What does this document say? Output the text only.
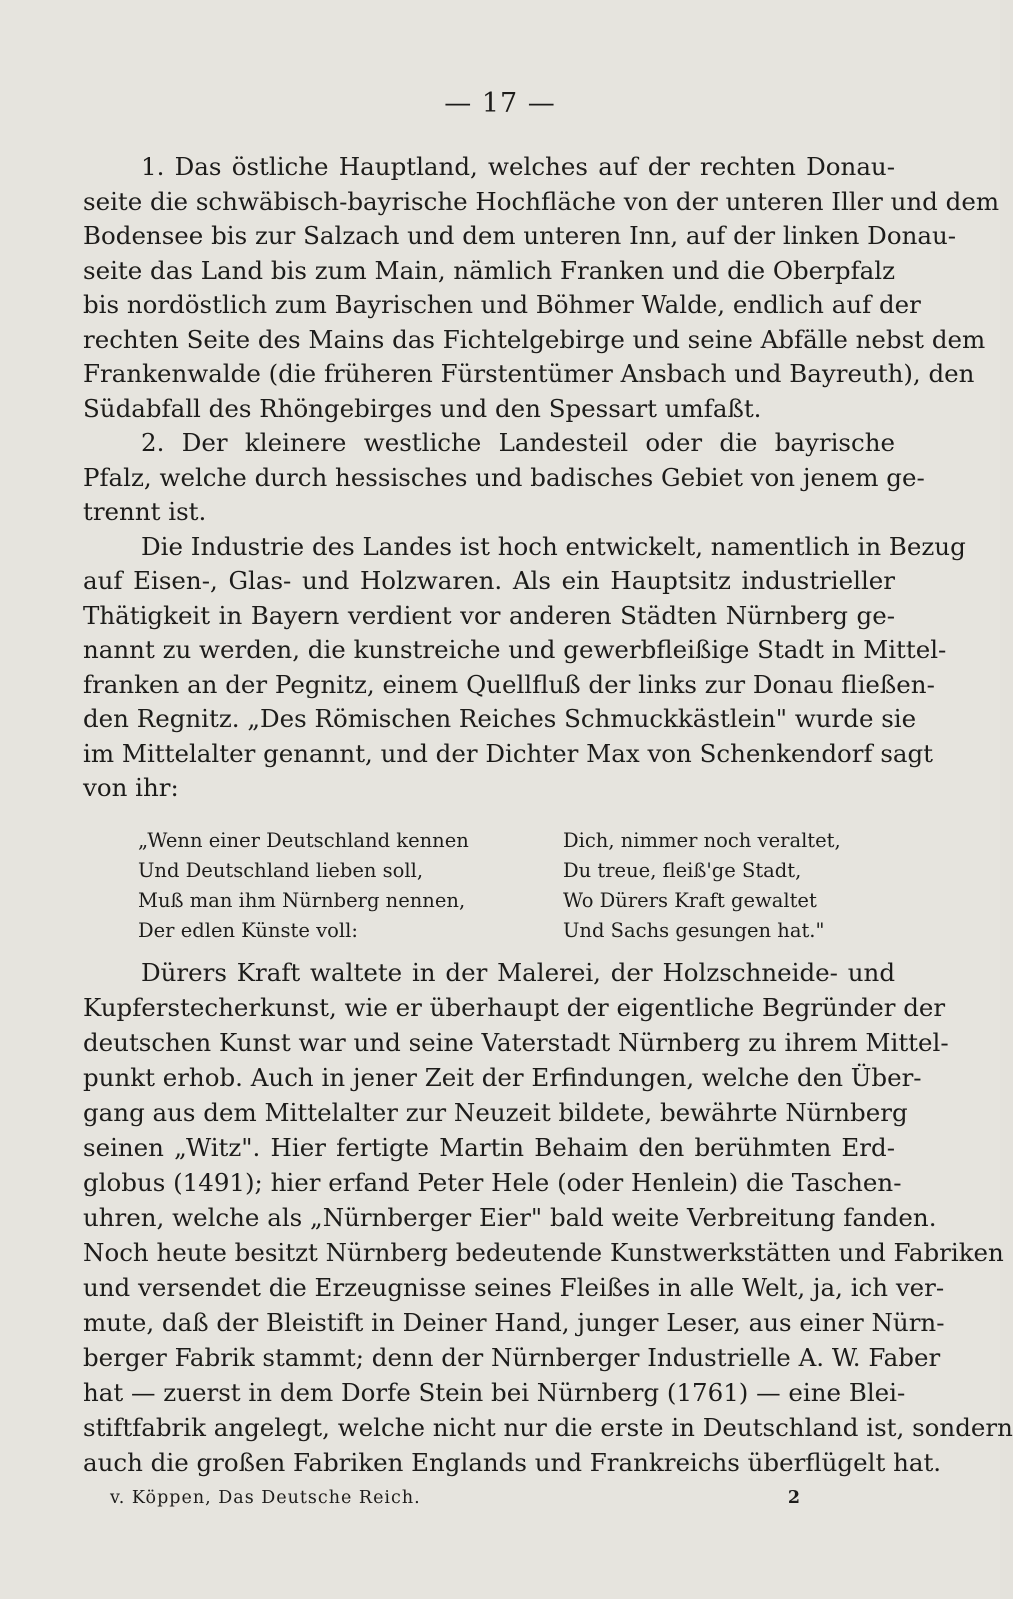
— 17 —
1. Das östliche Hauptland, welches auf der rechten Donau-
seite die schwäbisch-bayrische Hochfläche von der unteren Iller und dem
Bodensee bis zur Salzach und dem unteren Inn, auf der linken Donau-
seite das Land bis zum Main, nämlich Franken und die Oberpfalz
bis nordöstlich zum Bayrischen und Böhmer Walde, endlich auf der
rechten Seite des Mains das Fichtelgebirge und seine Abfälle nebst dem
Frankenwalde (die früheren Fürstentümer Ansbach und Bayreuth), den
Südabfall des Rhöngebirges und den Spessart umfaßt.
2. Der kleinere westliche Landesteil oder die bayrische
Pfalz, welche durch hessisches und badisches Gebiet von jenem ge-
trennt ist.
Die Industrie des Landes ist hoch entwickelt, namentlich in Bezug
auf Eisen-, Glas- und Holzwaren. Als ein Hauptsitz industrieller
Thätigkeit in Bayern verdient vor anderen Städten Nürnberg ge-
nannt zu werden, die kunstreiche und gewerbfleißige Stadt in Mittel-
franken an der Pegnitz, einem Quellfluß der links zur Donau fließen-
den Regnitz. „Des Römischen Reiches Schmuckkästlein" wurde sie
im Mittelalter genannt, und der Dichter Max von Schenkendorf sagt
von ihr:
„Wenn einer Deutschland kennen
Und Deutschland lieben soll,
Muß man ihm Nürnberg nennen,
Der edlen Künste voll:
Dich, nimmer noch veraltet,
Du treue, fleiß'ge Stadt,
Wo Dürers Kraft gewaltet
Und Sachs gesungen hat."
Dürers Kraft waltete in der Malerei, der Holzschneide- und
Kupferstecherkunst, wie er überhaupt der eigentliche Begründer der
deutschen Kunst war und seine Vaterstadt Nürnberg zu ihrem Mittel-
punkt erhob. Auch in jener Zeit der Erfindungen, welche den Über-
gang aus dem Mittelalter zur Neuzeit bildete, bewährte Nürnberg
seinen „Witz". Hier fertigte Martin Behaim den berühmten Erd-
globus (1491); hier erfand Peter Hele (oder Henlein) die Taschen-
uhren, welche als „Nürnberger Eier" bald weite Verbreitung fanden.
Noch heute besitzt Nürnberg bedeutende Kunstwerkstätten und Fabriken
und versendet die Erzeugnisse seines Fleißes in alle Welt, ja, ich ver-
mute, daß der Bleistift in Deiner Hand, junger Leser, aus einer Nürn-
berger Fabrik stammt; denn der Nürnberger Industrielle A. W. Faber
hat — zuerst in dem Dorfe Stein bei Nürnberg (1761) — eine Blei-
stiftfabrik angelegt, welche nicht nur die erste in Deutschland ist, sondern
auch die großen Fabriken Englands und Frankreichs überflügelt hat.
v. Köppen, Das Deutsche Reich.	2
